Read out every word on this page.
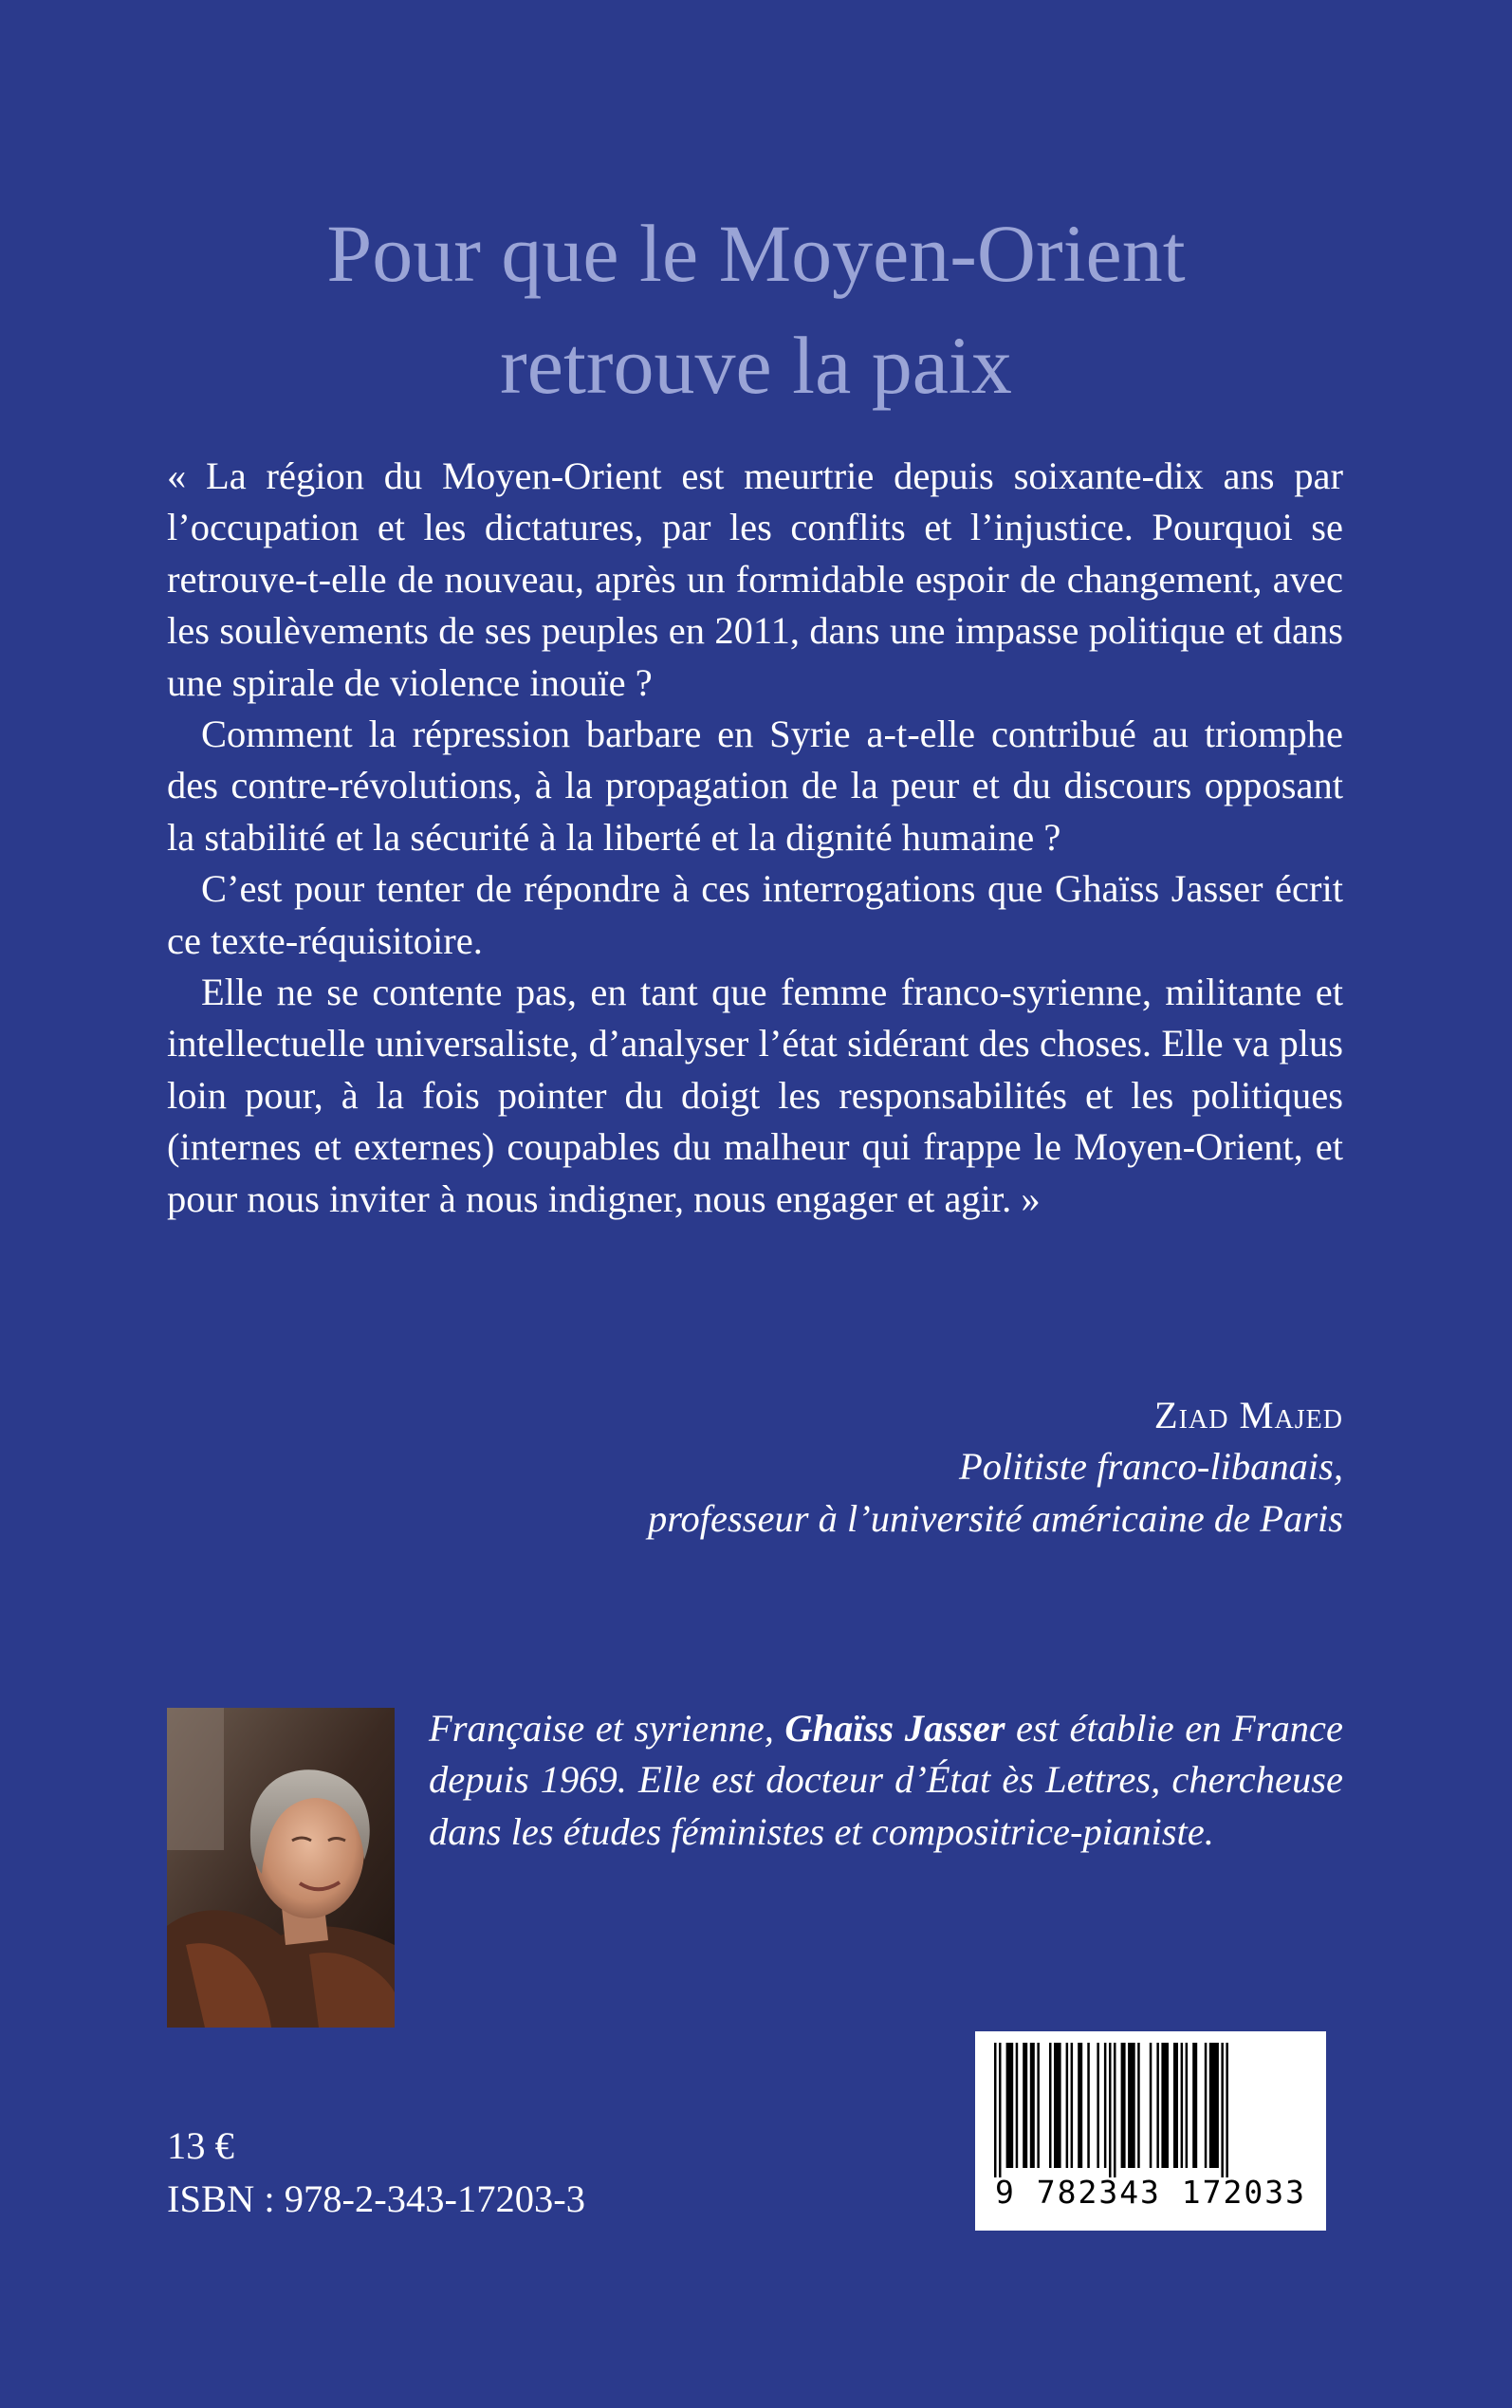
Pour que le Moyen-Orient
retrouve la paix

« La région du Moyen-Orient est meurtrie depuis soixante-dix ans par l’occupation et les dictatures, par les conflits et l’injustice. Pourquoi se retrouve-t-elle de nouveau, après un formidable espoir de changement, avec les soulèvements de ses peuples en 2011, dans une impasse politique et dans une spirale de violence inouïe ?

Comment la répression barbare en Syrie a-t-elle contribué au triomphe des contre-révolutions, à la propagation de la peur et du discours opposant la stabilité et la sécurité à la liberté et la dignité humaine ?

C’est pour tenter de répondre à ces interrogations que Ghaïss Jasser écrit ce texte-réquisitoire.

Elle ne se contente pas, en tant que femme franco-syrienne, militante et intellectuelle universaliste, d’analyser l’état sidérant des choses. Elle va plus loin pour, à la fois pointer du doigt les responsabilités et les politiques (internes et externes) coupables du malheur qui frappe le Moyen-Orient, et pour nous inviter à nous indigner, nous engager et agir. »

Ziad Majed
Politiste franco-libanais,
professeur à l’université américaine de Paris
Française et syrienne, Ghaïss Jasser est établie en France depuis 1969. Elle est docteur d’État ès Lettres, chercheuse dans les études féministes et compositrice-pianiste.
13 €
ISBN : 978-2-343-17203-3	9 782343 172033
